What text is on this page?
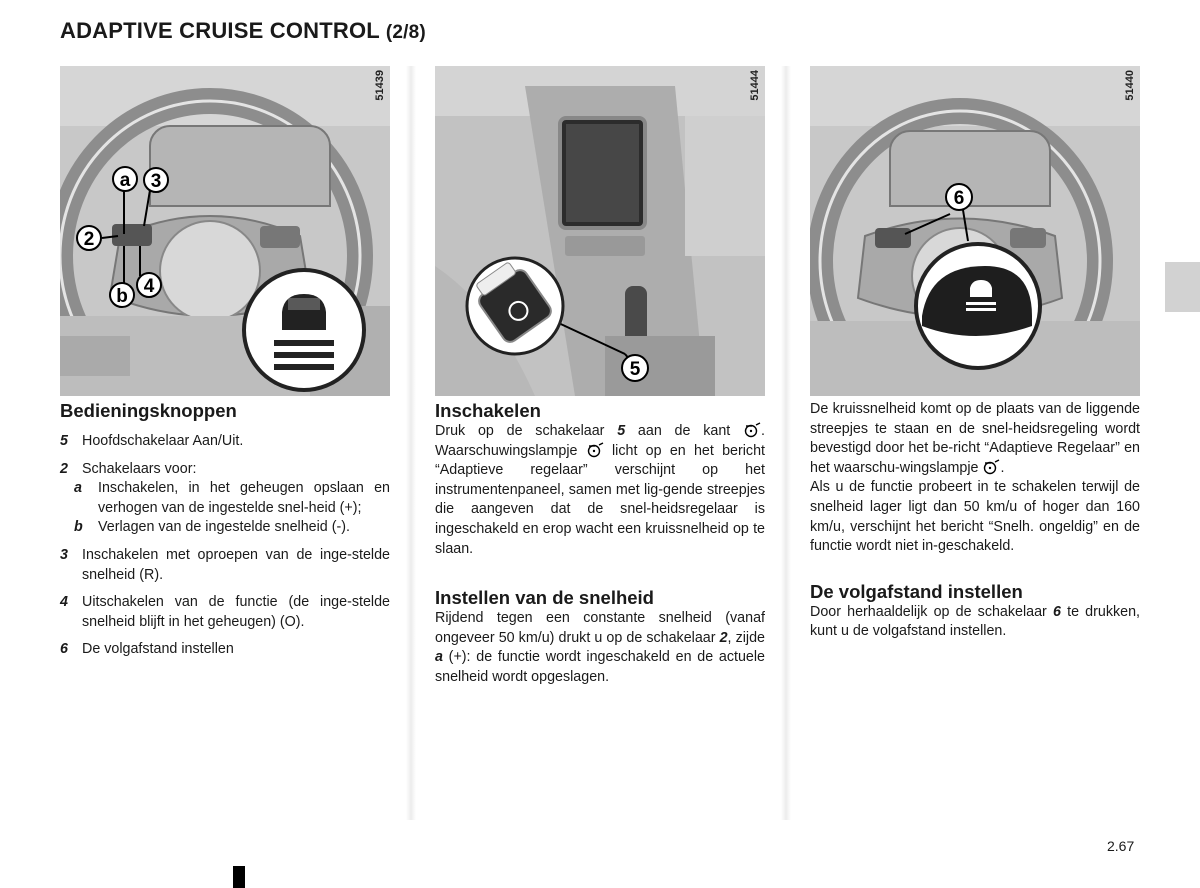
ADAPTIVE CRUISE CONTROL (2/8)
51439
a 3
2
b 4
51444
5
51440
6
Bedieningsknoppen
5 Hoofdschakelaar Aan/Uit.
2 Schakelaars voor:
a	Inschakelen, in het geheugen opslaan en verhogen van de ingestelde snel-heid (+);
b	Verlagen van de ingestelde snelheid (-).
3 Inschakelen met oproepen van de inge-stelde snelheid (R).
4 Uitschakelen van de functie (de inge-stelde snelheid blijft in het geheugen) (O).
6 De volgafstand instellen
Inschakelen

Druk op de schakelaar 5 aan de kant . Waarschuwingslampje  licht op en het bericht “Adaptieve regelaar” verschijnt op het instrumentenpaneel, samen met lig-gende streepjes die aangeven dat de snel-heidsregelaar is ingeschakeld en erop wacht een kruissnelheid op te slaan.

Instellen van de snelheid

Rijdend tegen een constante snelheid (vanaf ongeveer 50 km/u) drukt u op de schakelaar 2, zijde a (+): de functie wordt ingeschakeld en de actuele snelheid wordt opgeslagen.

De kruissnelheid komt op de plaats van de liggende streepjes te staan en de snel-heidsregeling wordt bevestigd door het be-richt “Adaptieve Regelaar” en het waarschu-wingslampje .

Als u de functie probeert in te schakelen terwijl de snelheid lager ligt dan 50 km/u of hoger dan 160 km/u, verschijnt het bericht “Snelh. ongeldig” en de functie wordt niet in-geschakeld.

De volgafstand instellen

Door herhaaldelijk op de schakelaar 6 te drukken, kunt u de volgafstand instellen.

2.67
